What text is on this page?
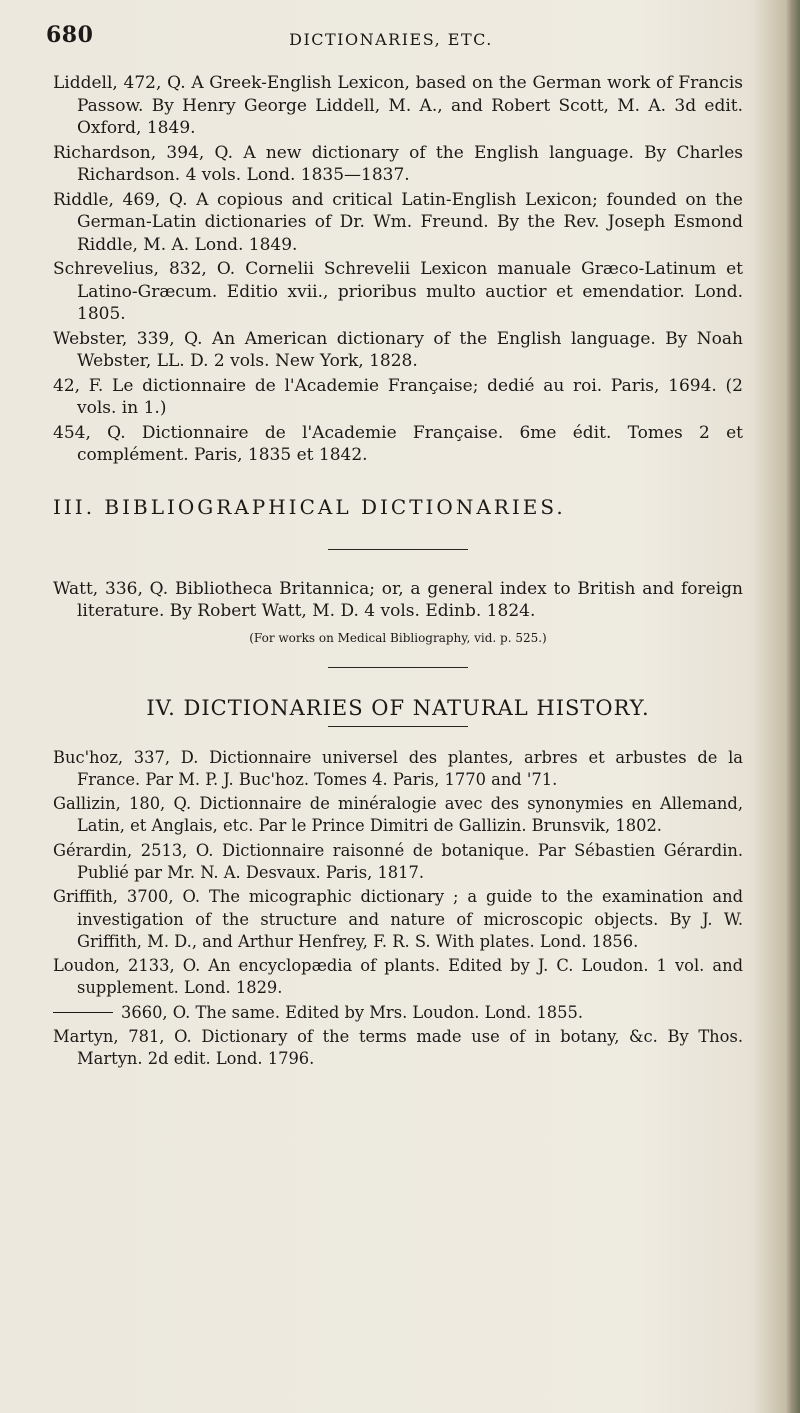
680	DICTIONARIES, ETC.

Liddell, 472, Q. A Greek-English Lexicon, based on the German work of Francis Passow. By Henry George Liddell, M. A., and Robert Scott, M. A. 3d edit. Oxford, 1849.

Richardson, 394, Q. A new dictionary of the English language. By Charles Richardson. 4 vols. Lond. 1835—1837.

Riddle, 469, Q. A copious and critical Latin-English Lexicon; founded on the German-Latin dictionaries of Dr. Wm. Freund. By the Rev. Joseph Esmond Riddle, M. A. Lond. 1849.

Schrevelius, 832, O. Cornelii Schrevelii Lexicon manuale Græco-Latinum et Latino-Græcum. Editio xvii., prioribus multo auctior et emendatior. Lond. 1805.

Webster, 339, Q. An American dictionary of the English language. By Noah Webster, LL. D. 2 vols. New York, 1828.

42, F. Le dictionnaire de l'Academie Française; dedié au roi. Paris, 1694. (2 vols. in 1.)

454, Q. Dictionnaire de l'Academie Française. 6me édit. Tomes 2 et complément. Paris, 1835 et 1842.

III. BIBLIOGRAPHICAL DICTIONARIES.

Watt, 336, Q. Bibliotheca Britannica; or, a general index to British and foreign literature. By Robert Watt, M. D. 4 vols. Edinb. 1824.

(For works on Medical Bibliography, vid. p. 525.)
IV. DICTIONARIES OF NATURAL HISTORY.

Buc'hoz, 337, D. Dictionnaire universel des plantes, arbres et arbustes de la France. Par M. P. J. Buc'hoz. Tomes 4. Paris, 1770 and '71.

Gallizin, 180, Q. Dictionnaire de minéralogie avec des synonymies en Allemand, Latin, et Anglais, etc. Par le Prince Dimitri de Gallizin. Brunsvik, 1802.

Gérardin, 2513, O. Dictionnaire raisonné de botanique. Par Sébastien Gérardin. Publié par Mr. N. A. Desvaux. Paris, 1817.

Griffith, 3700, O. The micographic dictionary ; a guide to the examination and investigation of the structure and nature of microscopic objects. By J. W. Griffith, M. D., and Arthur Henfrey, F. R. S. With plates. Lond. 1856.

Loudon, 2133, O. An encyclopædia of plants. Edited by J. C. Loudon. 1 vol. and supplement. Lond. 1829.

3660, O. The same. Edited by Mrs. Loudon. Lond. 1855.

Martyn, 781, O. Dictionary of the terms made use of in botany, &c. By Thos. Martyn. 2d edit. Lond. 1796.
